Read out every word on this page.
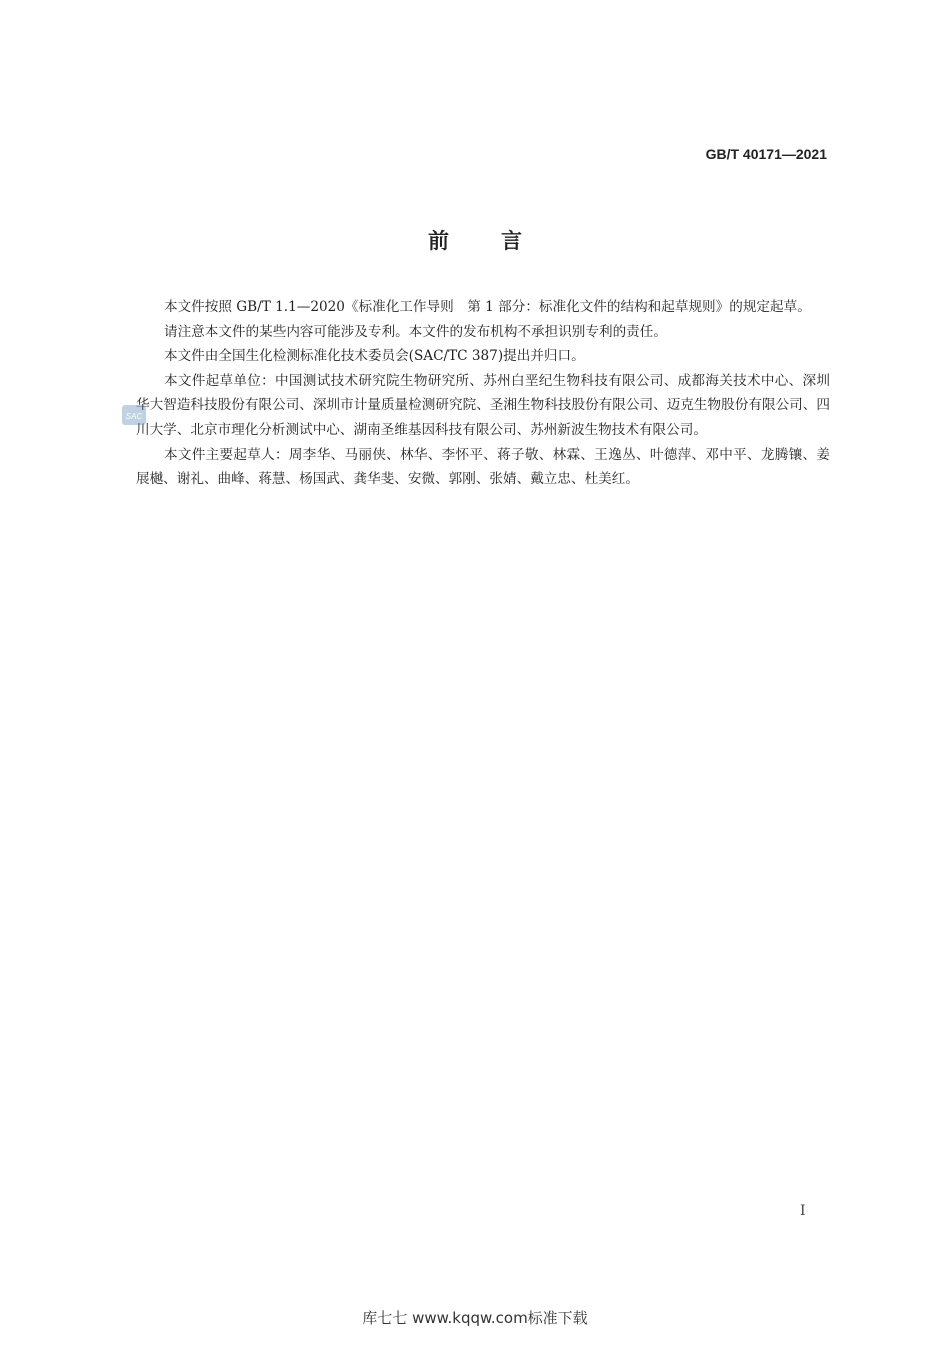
GB/T 40171—2021
前言

本文件按照 GB/T 1.1—2020《标准化工作导则　第 1 部分：标准化文件的结构和起草规则》的规定起草。

请注意本文件的某些内容可能涉及专利。本文件的发布机构不承担识别专利的责任。

本文件由全国生化检测标准化技术委员会(SAC/TC 387)提出并归口。

本文件起草单位：中国测试技术研究院生物研究所、苏州白垩纪生物科技有限公司、成都海关技术中心、深圳华大智造科技股份有限公司、深圳市计量质量检测研究院、圣湘生物科技股份有限公司、迈克生物股份有限公司、四川大学、北京市理化分析测试中心、湖南圣维基因科技有限公司、苏州新波生物技术有限公司。

本文件主要起草人：周李华、马丽侠、林华、李怀平、蒋子敬、林霖、王逸丛、叶德萍、邓中平、龙腾镶、姜展樾、谢礼、曲峰、蒋慧、杨国武、龚华斐、安微、郭刚、张婧、戴立忠、杜美红。

SAC
I
库七七 www.kqqw.com标准下载
